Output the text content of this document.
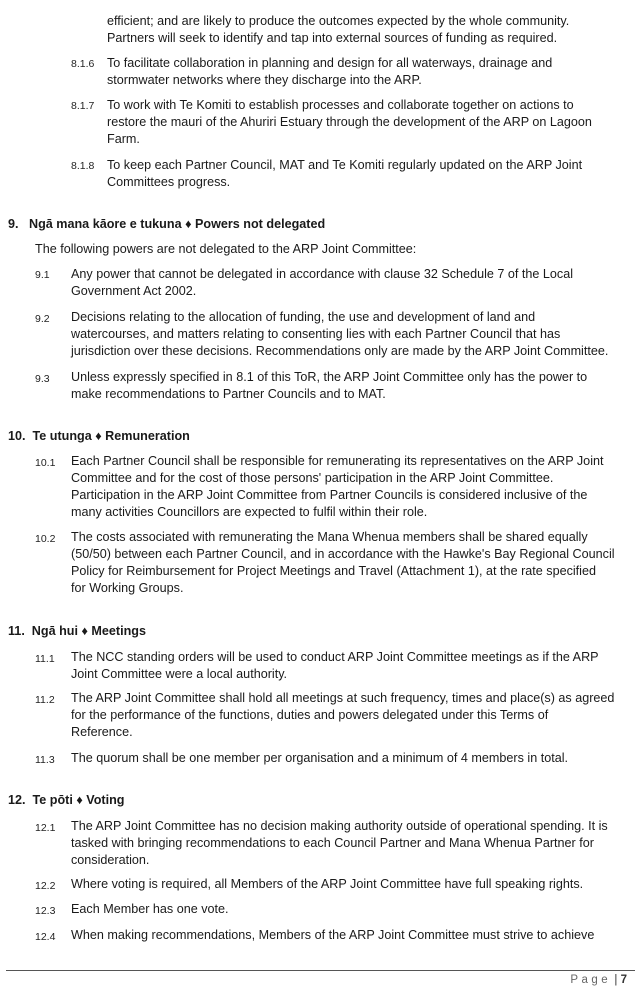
efficient; and are likely to produce the outcomes expected by the whole community.
Partners will seek to identify and tap into external sources of funding as required.
8.1.6 To facilitate collaboration in planning and design for all waterways, drainage and
stormwater networks where they discharge into the ARP.
8.1.7 To work with Te Komiti to establish processes and collaborate together on actions to
restore the mauri of the Ahuriri Estuary through the development of the ARP on Lagoon
Farm.
8.1.8 To keep each Partner Council, MAT and Te Komiti regularly updated on the ARP Joint
Committees progress.
9.   Ngā mana kāore e tukuna ♦ Powers not delegated
The following powers are not delegated to the ARP Joint Committee:
9.1 Any power that cannot be delegated in accordance with clause 32 Schedule 7 of the Local
Government Act 2002.
9.2 Decisions relating to the allocation of funding, the use and development of land and
watercourses, and matters relating to consenting lies with each Partner Council that has
jurisdiction over these decisions. Recommendations only are made by the ARP Joint Committee.
9.3 Unless expressly specified in 8.1 of this ToR, the ARP Joint Committee only has the power to
make recommendations to Partner Councils and to MAT.
10.  Te utunga ♦ Remuneration
10.1 Each Partner Council shall be responsible for remunerating its representatives on the ARP Joint
Committee and for the cost of those persons' participation in the ARP Joint Committee.
Participation in the ARP Joint Committee from Partner Councils is considered inclusive of the
many activities Councillors are expected to fulfil within their role.
10.2 The costs associated with remunerating the Mana Whenua members shall be shared equally
(50/50) between each Partner Council, and in accordance with the Hawke's Bay Regional Council
Policy for Reimbursement for Project Meetings and Travel (Attachment 1), at the rate specified
for Working Groups.
11.  Ngā hui ♦ Meetings
11.1 The NCC standing orders will be used to conduct ARP Joint Committee meetings as if the ARP
Joint Committee were a local authority.
11.2 The ARP Joint Committee shall hold all meetings at such frequency, times and place(s) as agreed
for the performance of the functions, duties and powers delegated under this Terms of
Reference.
11.3 The quorum shall be one member per organisation and a minimum of 4 members in total.
12.  Te pōti ♦ Voting
12.1 The ARP Joint Committee has no decision making authority outside of operational spending. It is
tasked with bringing recommendations to each Council Partner and Mana Whenua Partner for
consideration.
12.2 Where voting is required, all Members of the ARP Joint Committee have full speaking rights.
12.3 Each Member has one vote.
12.4 When making recommendations, Members of the ARP Joint Committee must strive to achieve
Page | 7
